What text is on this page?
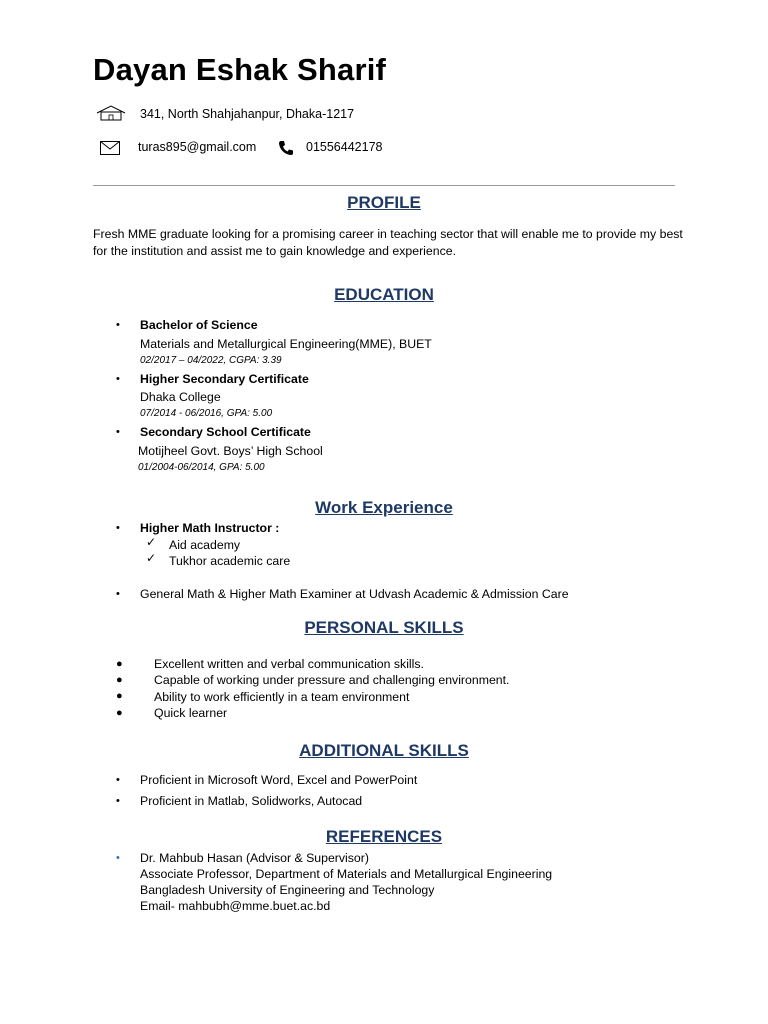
Dayan Eshak Sharif
341, North Shahjahanpur, Dhaka-1217
turas895@gmail.com	01556442178
PROFILE
Fresh MME graduate looking for a promising career in teaching sector that will enable me to provide my best for the institution and assist me to gain knowledge and experience.
EDUCATION
• Bachelor of Science
Materials and Metallurgical Engineering(MME), BUET
02/2017 – 04/2022, CGPA: 3.39
• Higher Secondary Certificate
Dhaka College
07/2014 - 06/2016, GPA: 5.00
• Secondary School Certificate
Motijheel Govt. Boys’ High School
01/2004-06/2014, GPA: 5.00
Work Experience
• Higher Math Instructor :
✓ Aid academy
✓ Tukhor academic care
• General Math & Higher Math Examiner at Udvash Academic & Admission Care
PERSONAL SKILLS
●	Excellent written and verbal communication skills.
●	Capable of working under pressure and challenging environment.
●	Ability to work efficiently in a team environment
●	Quick learner
ADDITIONAL SKILLS
• Proficient in Microsoft Word, Excel and PowerPoint
• Proficient in Matlab, Solidworks, Autocad
REFERENCES
• Dr. Mahbub Hasan (Advisor & Supervisor)
Associate Professor, Department of Materials and Metallurgical Engineering
Bangladesh University of Engineering and Technology
Email- mahbubh@mme.buet.ac.bd
